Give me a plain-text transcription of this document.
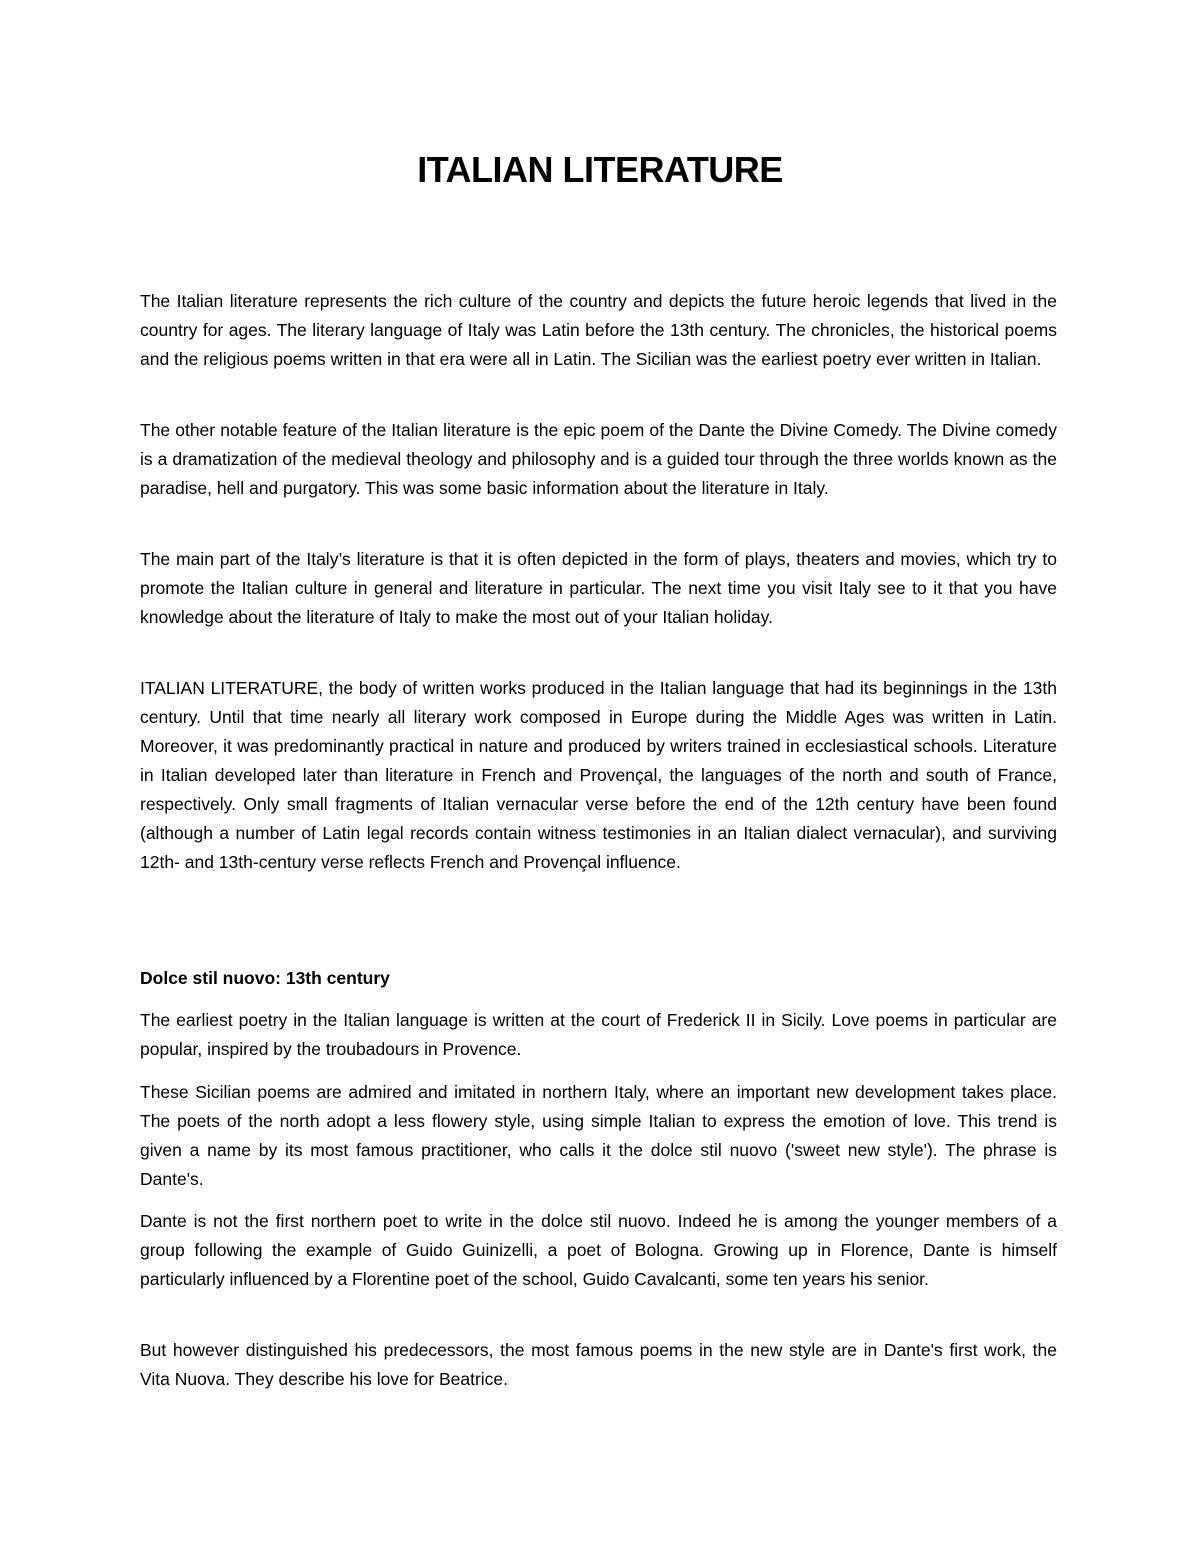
ITALIAN LITERATURE

The Italian literature represents the rich culture of the country and depicts the future heroic legends that lived in the country for ages. The literary language of Italy was Latin before the 13th century. The chronicles, the historical poems and the religious poems written in that era were all in Latin. The Sicilian was the earliest poetry ever written in Italian.

The other notable feature of the Italian literature is the epic poem of the Dante the Divine Comedy. The Divine comedy is a dramatization of the medieval theology and philosophy and is a guided tour through the three worlds known as the paradise, hell and purgatory. This was some basic information about the literature in Italy.

The main part of the Italy’s literature is that it is often depicted in the form of plays, theaters and movies, which try to promote the Italian culture in general and literature in particular. The next time you visit Italy see to it that you have knowledge about the literature of Italy to make the most out of your Italian holiday.

ITALIAN LITERATURE, the body of written works produced in the Italian language that had its beginnings in the 13th century. Until that time nearly all literary work composed in Europe during the Middle Ages was written in Latin. Moreover, it was predominantly practical in nature and produced by writers trained in ecclesiastical schools. Literature in Italian developed later than literature in French and Provençal, the languages of the north and south of France, respectively. Only small fragments of Italian vernacular verse before the end of the 12th century have been found (although a number of Latin legal records contain witness testimonies in an Italian dialect vernacular), and surviving 12th- and 13th-century verse reflects French and Provençal influence.

Dolce stil nuovo: 13th century

The earliest poetry in the Italian language is written at the court of Frederick II in Sicily. Love poems in particular are popular, inspired by the troubadours in Provence.

These Sicilian poems are admired and imitated in northern Italy, where an important new development takes place. The poets of the north adopt a less flowery style, using simple Italian to express the emotion of love. This trend is given a name by its most famous practitioner, who calls it the dolce stil nuovo ('sweet new style'). The phrase is Dante's.

Dante is not the first northern poet to write in the dolce stil nuovo. Indeed he is among the younger members of a group following the example of Guido Guinizelli, a poet of Bologna. Growing up in Florence, Dante is himself particularly influenced by a Florentine poet of the school, Guido Cavalcanti, some ten years his senior.

But however distinguished his predecessors, the most famous poems in the new style are in Dante's first work, the Vita Nuova. They describe his love for Beatrice.
